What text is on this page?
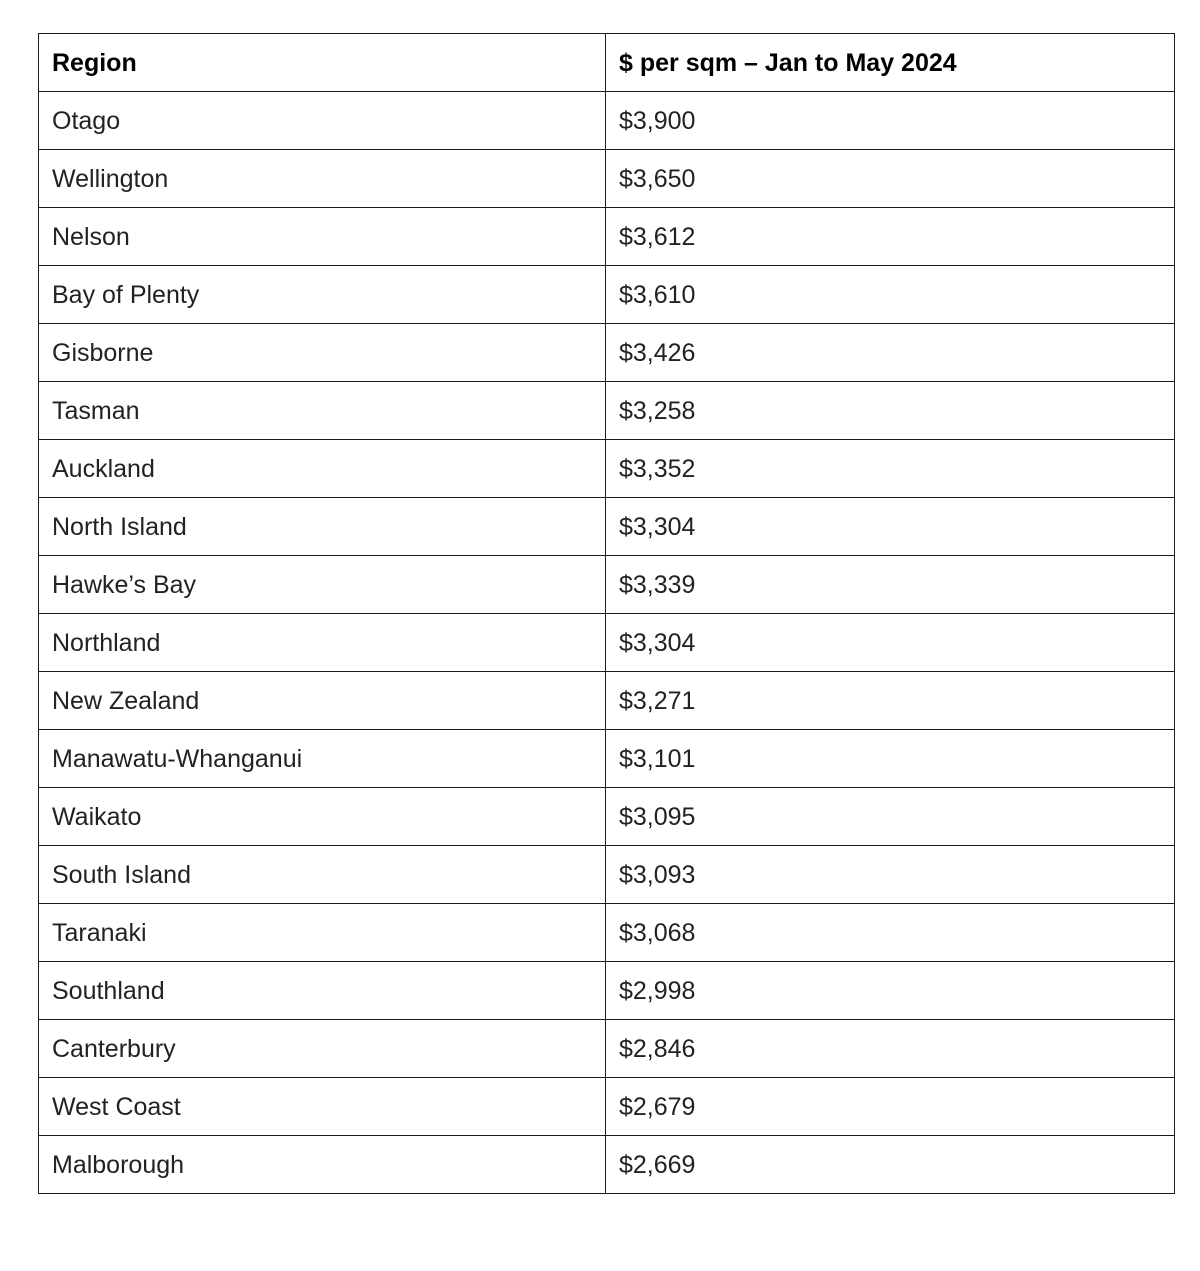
Region	$ per sqm – Jan to May 2024
Otago	$3,900
Wellington	$3,650
Nelson	$3,612
Bay of Plenty	$3,610
Gisborne	$3,426
Tasman	$3,258
Auckland	$3,352
North Island	$3,304
Hawke’s Bay	$3,339
Northland	$3,304
New Zealand	$3,271
Manawatu-Whanganui	$3,101
Waikato	$3,095
South Island	$3,093
Taranaki	$3,068
Southland	$2,998
Canterbury	$2,846
West Coast	$2,679
Malborough	$2,669
